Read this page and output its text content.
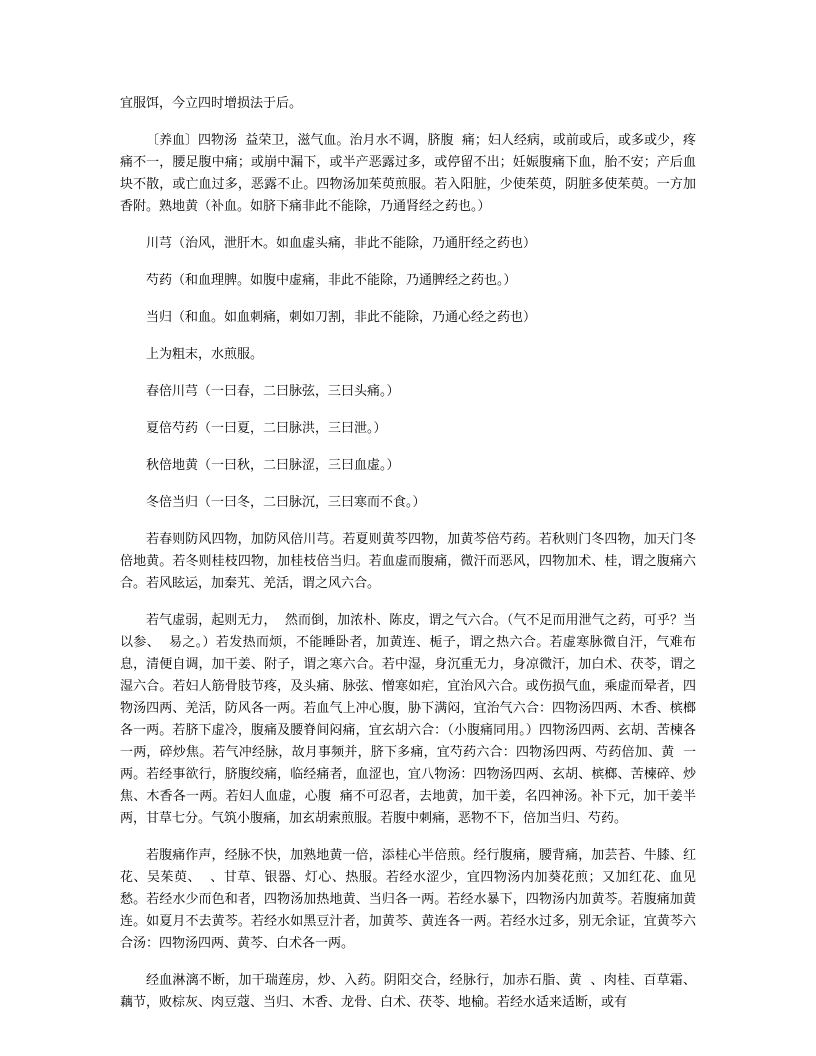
宜服饵，今立四时增损法于后。

〔养血〕四物汤  益荣卫，滋气血。治月水不调，脐腹  痛；妇人经病，或前或后，或多或少，疼痛不一，腰足腹中痛；或崩中漏下，或半产恶露过多，或停留不出；妊娠腹痛下血，胎不安；产后血块不散，或亡血过多，恶露不止。四物汤加茱萸煎服。若入阳脏，少使茱萸，阴脏多使茱萸。一方加香附。熟地黄（补血。如脐下痛非此不能除，乃通肾经之药也。）

川芎（治风，泄肝木。如血虚头痛，非此不能除，乃通肝经之药也）

芍药（和血理脾。如腹中虚痛，非此不能除，乃通脾经之药也。）

当归（和血。如血刺痛，刺如刀割，非此不能除，乃通心经之药也）

上为粗末，水煎服。

春倍川芎（一曰春，二曰脉弦，三曰头痛。）

夏倍芍药（一曰夏，二曰脉洪，三曰泄。）

秋倍地黄（一曰秋，二曰脉涩，三曰血虚。）

冬倍当归（一曰冬，二曰脉沉，三曰寒而不食。）

若春则防风四物，加防风倍川芎。若夏则黄芩四物，加黄芩倍芍药。若秋则门冬四物，加天门冬倍地黄。若冬则桂枝四物，加桂枝倍当归。若血虚而腹痛，微汗而恶风，四物加术、桂，谓之腹痛六合。若风眩运，加秦艽、羌活，谓之风六合。

若气虚弱，起则无力，  然而倒，加浓朴、陈皮，谓之气六合。（气不足而用泄气之药，可乎？当以参、  易之。）若发热而烦，不能睡卧者，加黄连、栀子，谓之热六合。若虚寒脉微自汗，气难布息，清便自调，加干姜、附子，谓之寒六合。若中湿，身沉重无力，身凉微汗，加白术、茯苓，谓之湿六合。若妇人筋骨肢节疼，及头痛、脉弦、憎寒如疟，宜治风六合。或伤损气血，乘虚而晕者，四物汤四两、羌活，防风各一两。若血气上冲心腹，胁下满闷，宜治气六合：四物汤四两、木香、槟榔各一两。若脐下虚冷，腹痛及腰脊间闷痛，宜玄胡六合：（小腹痛同用。）四物汤四两、玄胡、苦楝各一两，碎炒焦。若气冲经脉，故月事频并，脐下多痛，宜芍药六合：四物汤四两、芍药倍加、黄  一两。若经事欲行，脐腹绞痛，临经痛者，血涩也，宜八物汤：四物汤四两、玄胡、槟榔、苦楝碎、炒焦、木香各一两。若妇人血虚，心腹  痛不可忍者，去地黄，加干姜，名四神汤。补下元，加干姜半两，甘草七分。气筑小腹痛，加玄胡索煎服。若腹中刺痛，恶物不下，倍加当归、芍药。

若腹痛作声，经脉不快，加熟地黄一倍，添桂心半倍煎。经行腹痛，腰背痛，加芸苔、牛膝、红花、吴茱萸、  、甘草、银器、灯心、热服。若经水涩少，宜四物汤内加葵花煎；又加红花、血见愁。若经水少而色和者，四物汤加热地黄、当归各一两。若经水暴下，四物汤内加黄芩。若腹痛加黄连。如夏月不去黄芩。若经水如黑豆汁者，加黄芩、黄连各一两。若经水过多，别无余证，宜黄芩六合汤：四物汤四两、黄芩、白术各一两。

经血淋漓不断，加干瑞莲房，炒、入药。阴阳交合，经脉行，加赤石脂、黄  、肉桂、百草霜、藕节，败棕灰、肉豆蔻、当归、木香、龙骨、白术、茯苓、地榆。若经水适来适断，或有
